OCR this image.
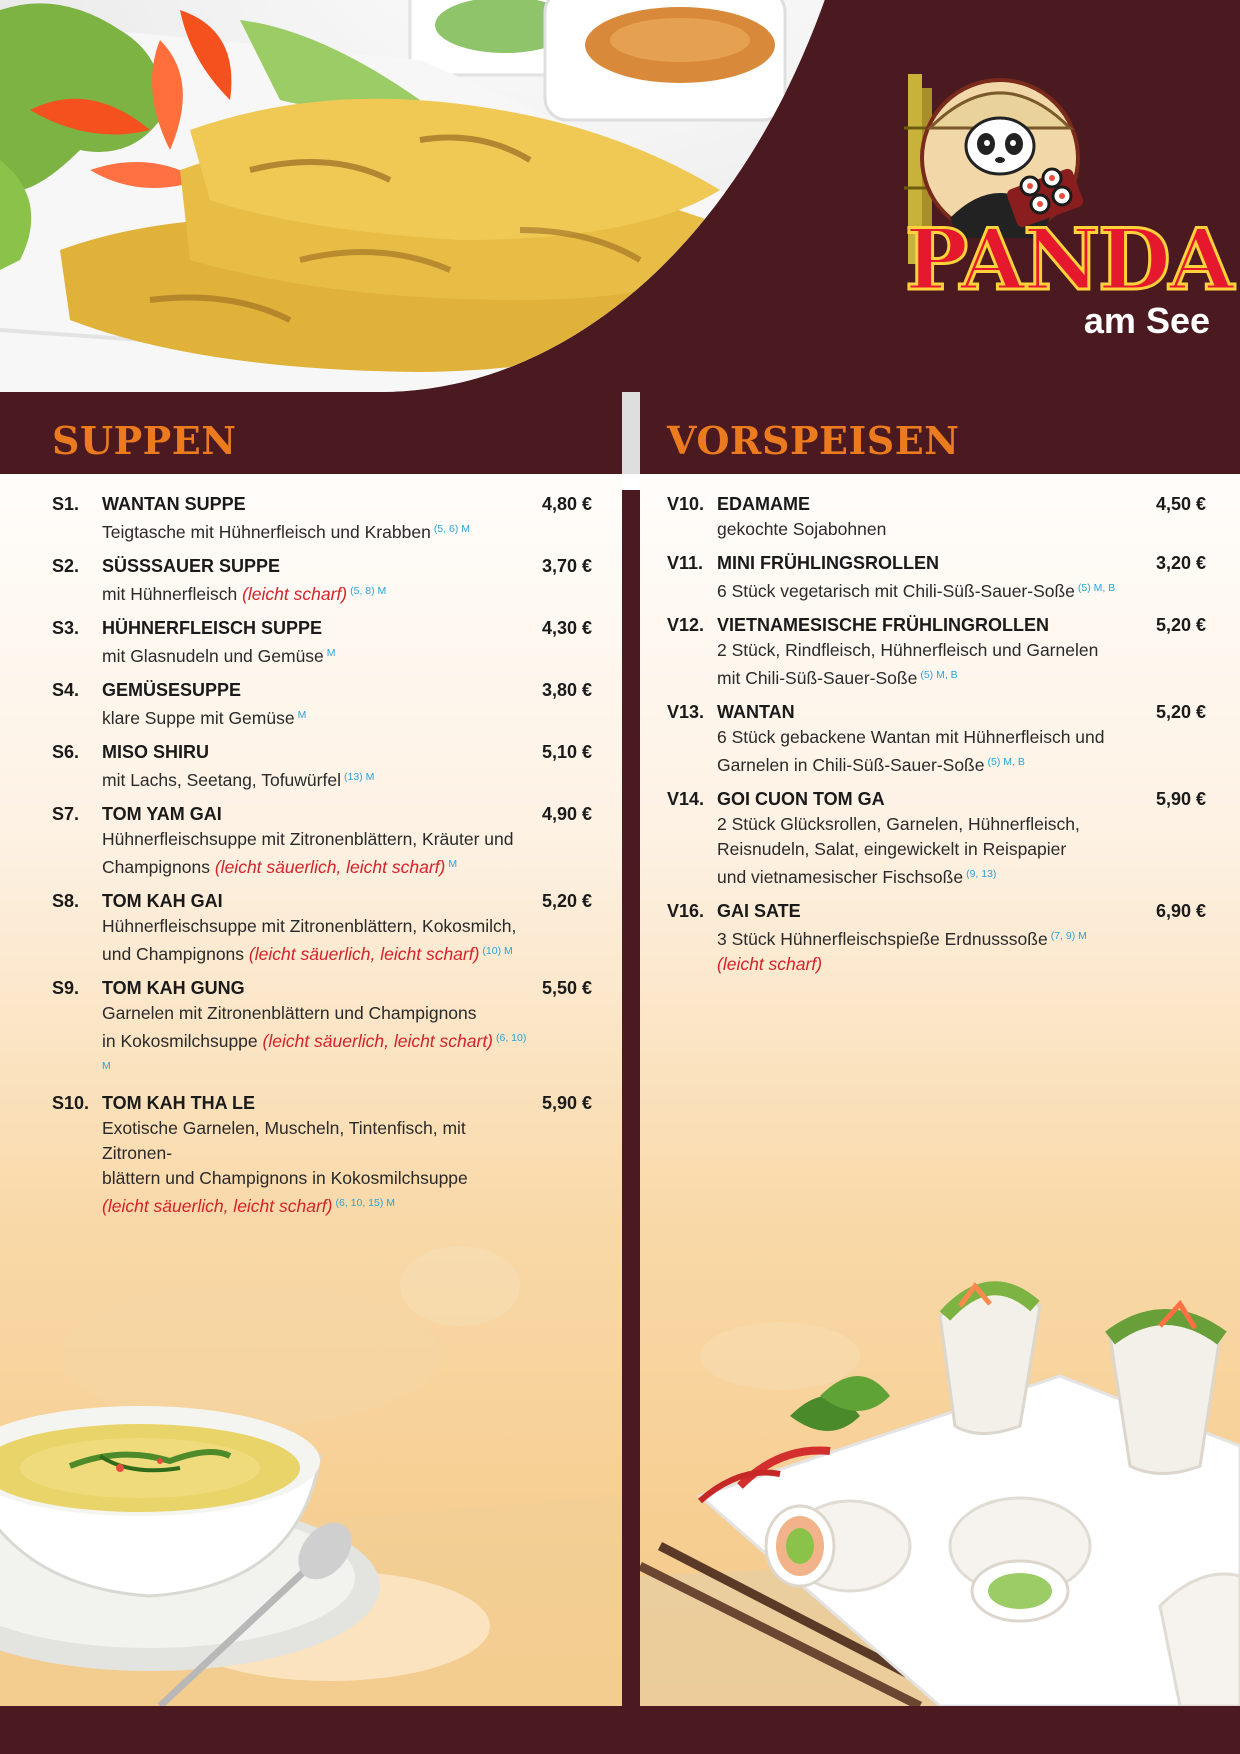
PANDA
am See
SUPPEN
S1.	WANTAN SUPPE
Teigtasche mit Hühnerfleisch und Krabben $^{(5, 6) M}$
4,80 €
S2.	SÜSSSAUER SUPPE
mit Hühnerfleisch (leicht scharf) $^{(5, 8) M}$
3,70 €
S3.	HÜHNERFLEISCH SUPPE
mit Glasnudeln und Gemüse $^M$
4,30 €
S4.	GEMÜSESUPPE
klare Suppe mit Gemüse $^M$
3,80 €
S6.	MISO SHIRU
mit Lachs, Seetang, Tofuwürfel $^{(13) M}$
5,10 €
S7.	TOM YAM GAI
Hühnerfleischsuppe mit Zitronenblättern, Kräuter und
Champignons (leicht säuerlich, leicht scharf) $^M$
4,90 €
S8.	TOM KAH GAI
Hühnerfleischsuppe mit Zitronenblättern, Kokosmilch,
und Champignons (leicht säuerlich, leicht scharf) $^{(10) M}$
5,20 €
S9.	TOM KAH GUNG
Garnelen mit Zitronenblättern und Champignons
in Kokosmilchsuppe (leicht säuerlich, leicht schart) $^{(6, 10) M}$
5,50 €
S10. TOM KAH THA LE
Exotische Garnelen, Muscheln, Tintenfisch, mit Zitronen-
blättern und Champignons in Kokosmilchsuppe
(leicht säuerlich, leicht scharf) $^{(6, 10, 15) M}$
5,90 €
VORSPEISEN
V10. EDAMAME
gekochte Sojabohnen
4,50 €
V11. MINI FRÜHLINGSROLLEN
6 Stück vegetarisch mit Chili-Süß-Sauer-Soße $^{(5) M, B}$
3,20 €
V12. VIETNAMESISCHE FRÜHLINGROLLEN
2 Stück, Rindfleisch, Hühnerfleisch und Garnelen
mit Chili-Süß-Sauer-Soße $^{(5) M, B}$
5,20 €
V13. WANTAN
6 Stück gebackene Wantan mit Hühnerfleisch und
Garnelen in Chili-Süß-Sauer-Soße $^{(5) M, B}$
5,20 €
V14. GOI CUON TOM GA
2 Stück Glücksrollen, Garnelen, Hühnerfleisch,
Reisnudeln, Salat, eingewickelt in Reispapier
und vietnamesischer Fischsoße $^{(9, 13)}$
5,90 €
V16. GAI SATE
3 Stück Hühnerfleischspieße Erdnusssoße $^{(7, 9) M}$
(leicht scharf)
6,90 €
